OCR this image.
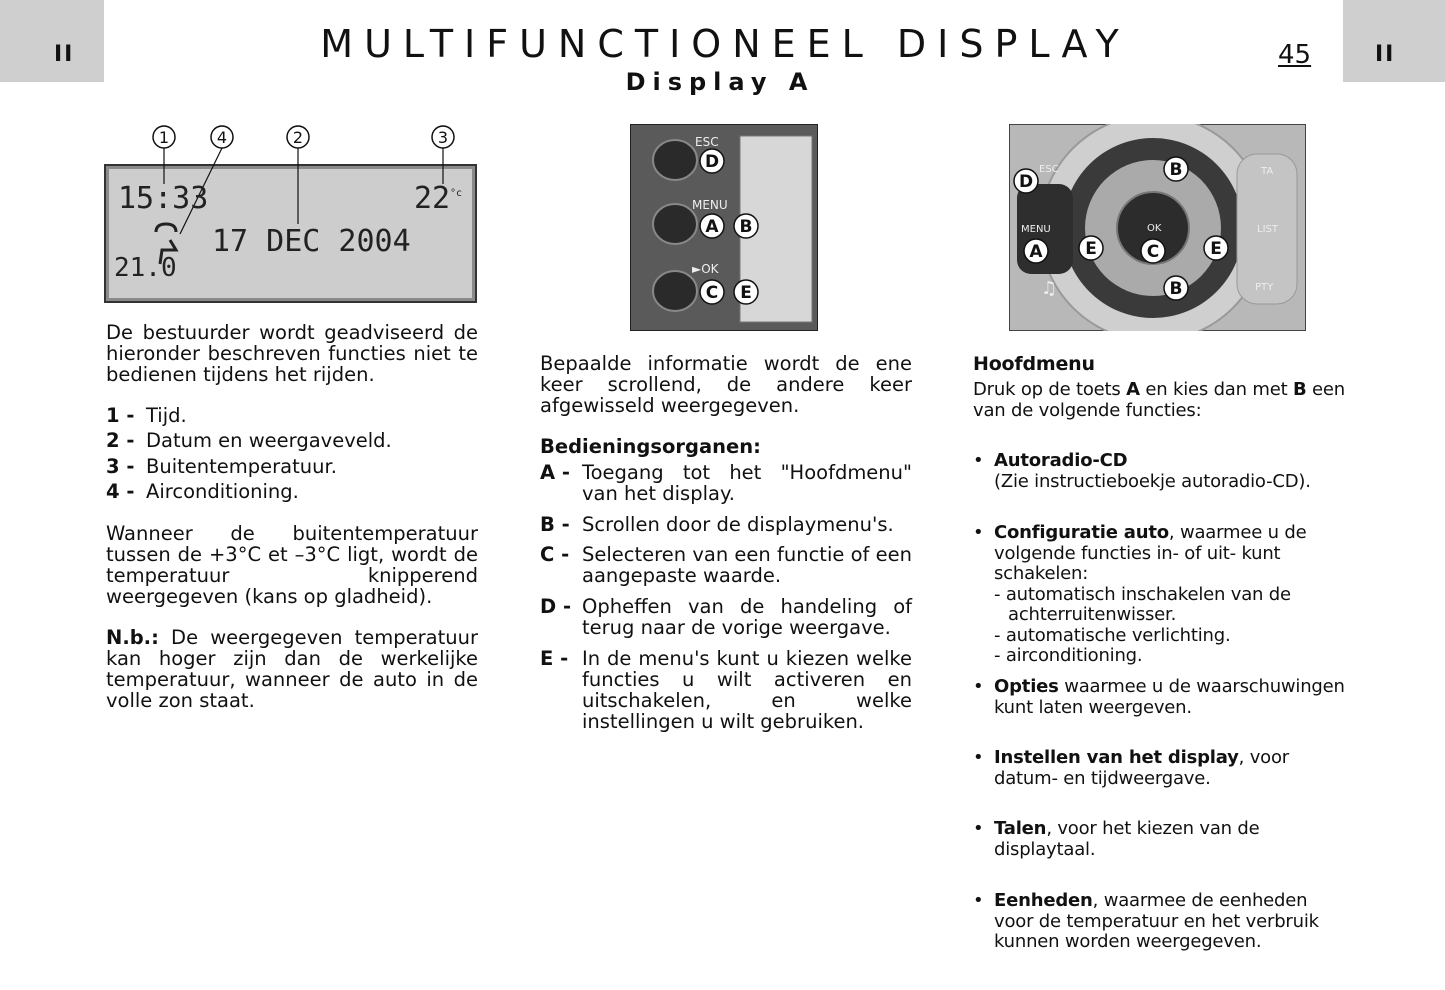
II	II
MULTIFUNCTIONEEL DISPLAY
Display A
45
1	4	2	3
15:33	22 °c
17 DEC 2004
21.0
ESC
MENU
►OK
D
A B
C E
ESC
MENU	OK
TA
LIST
PTY
D
A
B
E	C	E
B
♫
De bestuurder wordt geadviseerd de hieronder beschreven functies niet te bedienen tijdens het rijden.
1 - Tijd.
2 - Datum en weergaveveld.
3 - Buitentemperatuur.
4 - Airconditioning.
Wanneer de buitentemperatuur tussen de +3°C et –3°C ligt, wordt de temperatuur knipperend weergegeven (kans op gladheid).
N.b.: De weergegeven temperatuur kan hoger zijn dan de werkelijke temperatuur, wanneer de auto in de volle zon staat.
Bepaalde informatie wordt de ene keer scrollend, de andere keer afgewisseld weergegeven.
Bedieningsorganen:
A - Toegang tot het "Hoofdmenu" van het display.
B - Scrollen door de displaymenu's.
C - Selecteren van een functie of een aangepaste waarde.
D - Opheffen van de handeling of terug naar de vorige weergave.
E - In de menu's kunt u kiezen welke functies u wilt activeren en uitschakelen, en welke instellingen u wilt gebruiken.
Hoofdmenu
Druk op de toets A en kies dan met B een van de volgende functies:
• Autoradio-CD
(Zie instructieboekje autoradio-CD).
• Configuratie auto, waarmee u de volgende functies in- of uit- kunt schakelen:
- automatisch inschakelen van de achterruitenwisser.
- automatische verlichting.
- airconditioning.
• Opties waarmee u de waarschuwingen kunt laten weergeven.
• Instellen van het display, voor datum- en tijdweergave.
• Talen, voor het kiezen van de displaytaal.
• Eenheden, waarmee de eenheden voor de temperatuur en het verbruik kunnen worden weergegeven.
